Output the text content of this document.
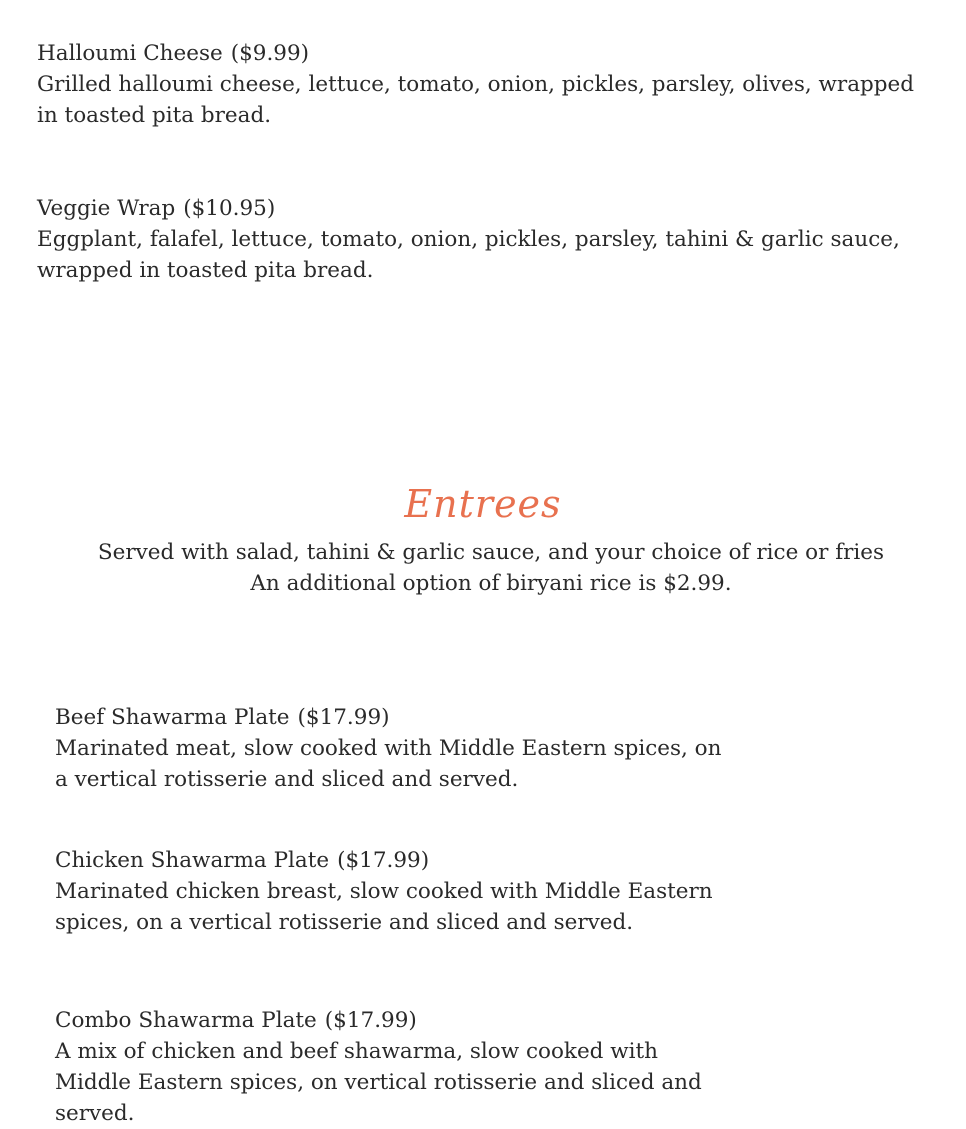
Halloumi Cheese ($9.99)
Grilled halloumi cheese, lettuce, tomato, onion, pickles, parsley, olives, wrapped in toasted pita bread.
Veggie Wrap ($10.95)
Eggplant, falafel, lettuce, tomato, onion, pickles, parsley, tahini & garlic sauce, wrapped in toasted pita bread.
Entrees
Served with salad, tahini & garlic sauce, and your choice of rice or fries
An additional option of biryani rice is $2.99.
Beef Shawarma Plate ($17.99)
Marinated meat, slow cooked with Middle Eastern spices, on a vertical rotisserie and sliced and served.
Chicken Shawarma Plate ($17.99)
Marinated chicken breast, slow cooked with Middle Eastern spices, on a vertical rotisserie and sliced and served.
Combo Shawarma Plate ($17.99)
A mix of chicken and beef shawarma, slow cooked with Middle Eastern spices, on vertical rotisserie and sliced and served.
